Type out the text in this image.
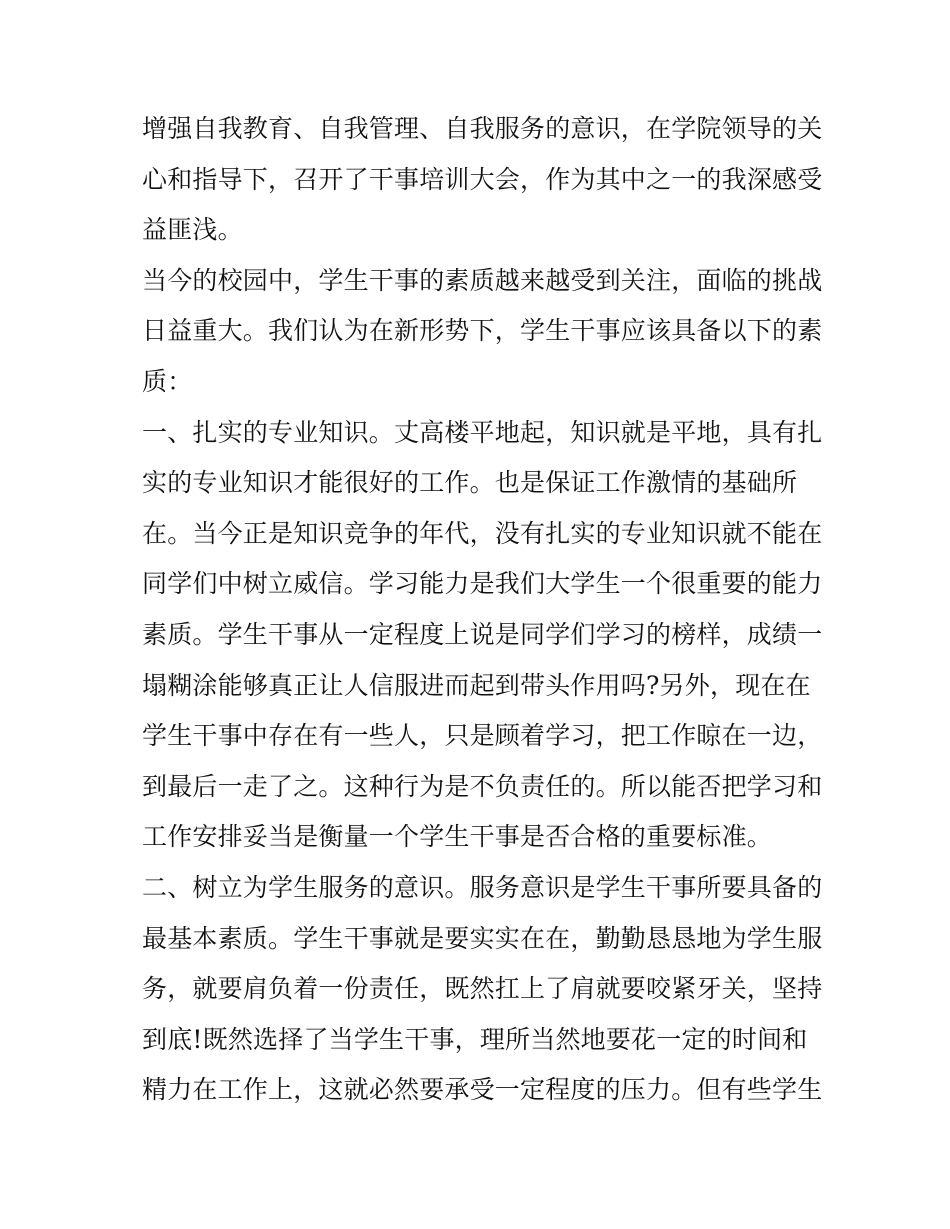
增强自我教育、自我管理、自我服务的意识，在学院领导的关
心和指导下，召开了干事培训大会，作为其中之一的我深感受
益匪浅。
当今的校园中，学生干事的素质越来越受到关注，面临的挑战
日益重大。我们认为在新形势下，学生干事应该具备以下的素
质：
一、扎实的专业知识。丈高楼平地起，知识就是平地，具有扎
实的专业知识才能很好的工作。也是保证工作激情的基础所
在。当今正是知识竞争的年代，没有扎实的专业知识就不能在
同学们中树立威信。学习能力是我们大学生一个很重要的能力
素质。学生干事从一定程度上说是同学们学习的榜样，成绩一
塌糊涂能够真正让人信服进而起到带头作用吗?另外，现在在
学生干事中存在有一些人，只是顾着学习，把工作晾在一边，
到最后一走了之。这种行为是不负责任的。所以能否把学习和
工作安排妥当是衡量一个学生干事是否合格的重要标准。
二、树立为学生服务的意识。服务意识是学生干事所要具备的
最基本素质。学生干事就是要实实在在，勤勤恳恳地为学生服
务，就要肩负着一份责任，既然扛上了肩就要咬紧牙关，坚持
到底!既然选择了当学生干事，理所当然地要花一定的时间和
精力在工作上，这就必然要承受一定程度的压力。但有些学生
